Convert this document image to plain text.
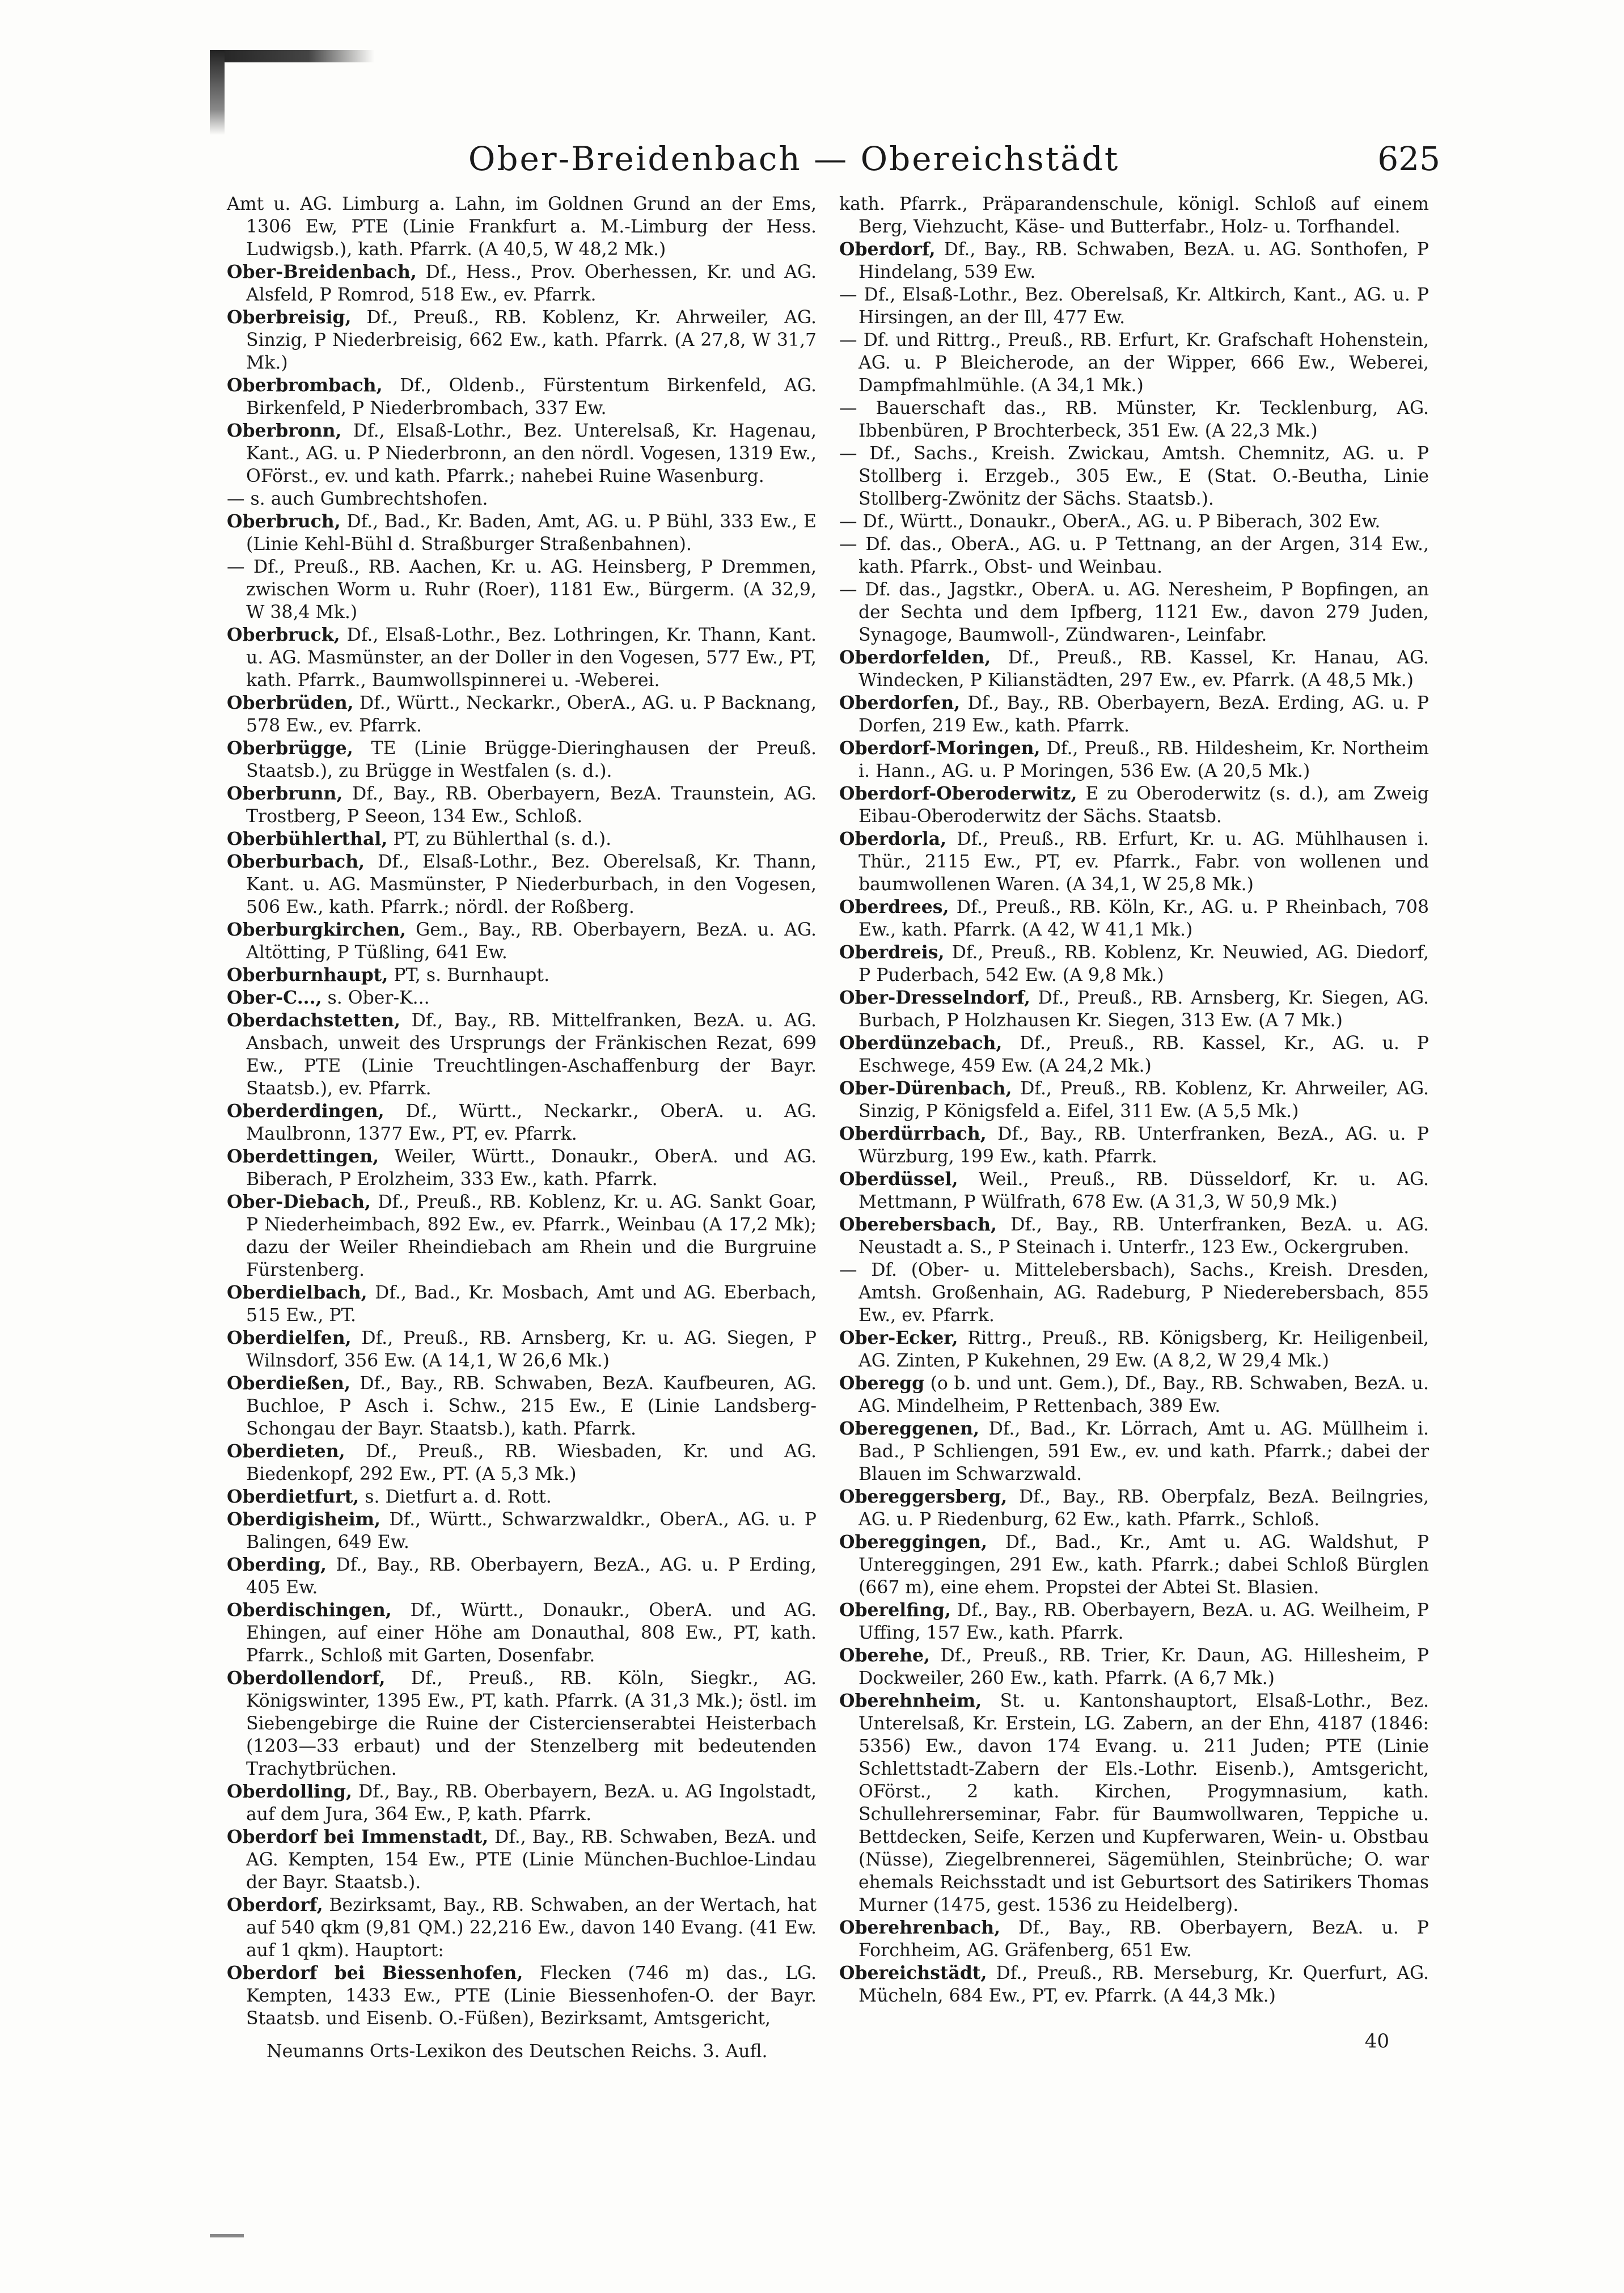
Ober-Breidenbach — Obereichstädt	625

Amt u. AG. Limburg a. Lahn, im Goldnen Grund an der Ems, 1306 Ew, PTE (Linie Frankfurt a. M.-Limburg der Hess. Ludwigsb.), kath. Pfarrk. (A 40,5, W 48,2 Mk.)

Ober-Breidenbach, Df., Hess., Prov. Oberhessen, Kr. und AG. Alsfeld, P Romrod, 518 Ew., ev. Pfarrk.

Oberbreisig, Df., Preuß., RB. Koblenz, Kr. Ahrweiler, AG. Sinzig, P Niederbreisig, 662 Ew., kath. Pfarrk. (A 27,8, W 31,7 Mk.)

Oberbrombach, Df., Oldenb., Fürstentum Birkenfeld, AG. Birkenfeld, P Niederbrombach, 337 Ew.

Oberbronn, Df., Elsaß-Lothr., Bez. Unterelsaß, Kr. Hagenau, Kant., AG. u. P Niederbronn, an den nördl. Vogesen, 1319 Ew., OFörst., ev. und kath. Pfarrk.; nahebei Ruine Wasenburg.

— s. auch Gumbrechtshofen.

Oberbruch, Df., Bad., Kr. Baden, Amt, AG. u. P Bühl, 333 Ew., E (Linie Kehl-Bühl d. Straßburger Straßenbahnen).

— Df., Preuß., RB. Aachen, Kr. u. AG. Heinsberg, P Dremmen, zwischen Worm u. Ruhr (Roer), 1181 Ew., Bürgerm. (A 32,9, W 38,4 Mk.)

Oberbruck, Df., Elsaß-Lothr., Bez. Lothringen, Kr. Thann, Kant. u. AG. Masmünster, an der Doller in den Vogesen, 577 Ew., PT, kath. Pfarrk., Baumwollspinnerei u. -Weberei.

Oberbrüden, Df., Württ., Neckarkr., OberA., AG. u. P Backnang, 578 Ew., ev. Pfarrk.

Oberbrügge, TE (Linie Brügge-Dieringhausen der Preuß. Staatsb.), zu Brügge in Westfalen (s. d.).

Oberbrunn, Df., Bay., RB. Oberbayern, BezA. Traunstein, AG. Trostberg, P Seeon, 134 Ew., Schloß.

Oberbühlerthal, PT, zu Bühlerthal (s. d.).

Oberburbach, Df., Elsaß-Lothr., Bez. Oberelsaß, Kr. Thann, Kant. u. AG. Masmünster, P Niederburbach, in den Vogesen, 506 Ew., kath. Pfarrk.; nördl. der Roßberg.

Oberburgkirchen, Gem., Bay., RB. Oberbayern, BezA. u. AG. Altötting, P Tüßling, 641 Ew.

Oberburnhaupt, PT, s. Burnhaupt.

Ober-C..., s. Ober-K...

Oberdachstetten, Df., Bay., RB. Mittelfranken, BezA. u. AG. Ansbach, unweit des Ursprungs der Fränkischen Rezat, 699 Ew., PTE (Linie Treuchtlingen-Aschaffenburg der Bayr. Staatsb.), ev. Pfarrk.

Oberderdingen, Df., Württ., Neckarkr., OberA. u. AG. Maulbronn, 1377 Ew., PT, ev. Pfarrk.

Oberdettingen, Weiler, Württ., Donaukr., OberA. und AG. Biberach, P Erolzheim, 333 Ew., kath. Pfarrk.

Ober-Diebach, Df., Preuß., RB. Koblenz, Kr. u. AG. Sankt Goar, P Niederheimbach, 892 Ew., ev. Pfarrk., Weinbau (A 17,2 Mk); dazu der Weiler Rheindiebach am Rhein und die Burgruine Fürstenberg.

Oberdielbach, Df., Bad., Kr. Mosbach, Amt und AG. Eberbach, 515 Ew., PT.

Oberdielfen, Df., Preuß., RB. Arnsberg, Kr. u. AG. Siegen, P Wilnsdorf, 356 Ew. (A 14,1, W 26,6 Mk.)

Oberdießen, Df., Bay., RB. Schwaben, BezA. Kaufbeuren, AG. Buchloe, P Asch i. Schw., 215 Ew., E (Linie Landsberg-Schongau der Bayr. Staatsb.), kath. Pfarrk.

Oberdieten, Df., Preuß., RB. Wiesbaden, Kr. und AG. Biedenkopf, 292 Ew., PT. (A 5,3 Mk.)

Oberdietfurt, s. Dietfurt a. d. Rott.

Oberdigisheim, Df., Württ., Schwarzwaldkr., OberA., AG. u. P Balingen, 649 Ew.

Oberding, Df., Bay., RB. Oberbayern, BezA., AG. u. P Erding, 405 Ew.

Oberdischingen, Df., Württ., Donaukr., OberA. und AG. Ehingen, auf einer Höhe am Donauthal, 808 Ew., PT, kath. Pfarrk., Schloß mit Garten, Dosenfabr.

Oberdollendorf, Df., Preuß., RB. Köln, Siegkr., AG. Königswinter, 1395 Ew., PT, kath. Pfarrk. (A 31,3 Mk.); östl. im Siebengebirge die Ruine der Cistercienserabtei Heisterbach (1203—33 erbaut) und der Stenzelberg mit bedeutenden Trachytbrüchen.

Oberdolling, Df., Bay., RB. Oberbayern, BezA. u. AG Ingolstadt, auf dem Jura, 364 Ew., P, kath. Pfarrk.

Oberdorf bei Immenstadt, Df., Bay., RB. Schwaben, BezA. und AG. Kempten, 154 Ew., PTE (Linie München-Buchloe-Lindau der Bayr. Staatsb.).

Oberdorf, Bezirksamt, Bay., RB. Schwaben, an der Wertach, hat auf 540 qkm (9,81 QM.) 22,216 Ew., davon 140 Evang. (41 Ew. auf 1 qkm). Hauptort:

Oberdorf bei Biessenhofen, Flecken (746 m) das., LG. Kempten, 1433 Ew., PTE (Linie Biessenhofen-O. der Bayr. Staatsb. und Eisenb. O.-Füßen), Bezirksamt, Amtsgericht,

kath. Pfarrk., Präparandenschule, königl. Schloß auf einem Berg, Viehzucht, Käse- und Butterfabr., Holz- u. Torfhandel.

Oberdorf, Df., Bay., RB. Schwaben, BezA. u. AG. Sonthofen, P Hindelang, 539 Ew.

— Df., Elsaß-Lothr., Bez. Oberelsaß, Kr. Altkirch, Kant., AG. u. P Hirsingen, an der Ill, 477 Ew.

— Df. und Rittrg., Preuß., RB. Erfurt, Kr. Grafschaft Hohenstein, AG. u. P Bleicherode, an der Wipper, 666 Ew., Weberei, Dampfmahlmühle. (A 34,1 Mk.)

— Bauerschaft das., RB. Münster, Kr. Tecklenburg, AG. Ibbenbüren, P Brochterbeck, 351 Ew. (A 22,3 Mk.)

— Df., Sachs., Kreish. Zwickau, Amtsh. Chemnitz, AG. u. P Stollberg i. Erzgeb., 305 Ew., E (Stat. O.-Beutha, Linie Stollberg-Zwönitz der Sächs. Staatsb.).

— Df., Württ., Donaukr., OberA., AG. u. P Biberach, 302 Ew.

— Df. das., OberA., AG. u. P Tettnang, an der Argen, 314 Ew., kath. Pfarrk., Obst- und Weinbau.

— Df. das., Jagstkr., OberA. u. AG. Neresheim, P Bopfingen, an der Sechta und dem Ipfberg, 1121 Ew., davon 279 Juden, Synagoge, Baumwoll-, Zündwaren-, Leinfabr.

Oberdorfelden, Df., Preuß., RB. Kassel, Kr. Hanau, AG. Windecken, P Kilianstädten, 297 Ew., ev. Pfarrk. (A 48,5 Mk.)

Oberdorfen, Df., Bay., RB. Oberbayern, BezA. Erding, AG. u. P Dorfen, 219 Ew., kath. Pfarrk.

Oberdorf-Moringen, Df., Preuß., RB. Hildesheim, Kr. Northeim i. Hann., AG. u. P Moringen, 536 Ew. (A 20,5 Mk.)

Oberdorf-Oberoderwitz, E zu Oberoderwitz (s. d.), am Zweig Eibau-Oberoderwitz der Sächs. Staatsb.

Oberdorla, Df., Preuß., RB. Erfurt, Kr. u. AG. Mühlhausen i. Thür., 2115 Ew., PT, ev. Pfarrk., Fabr. von wollenen und baumwollenen Waren. (A 34,1, W 25,8 Mk.)

Oberdrees, Df., Preuß., RB. Köln, Kr., AG. u. P Rheinbach, 708 Ew., kath. Pfarrk. (A 42, W 41,1 Mk.)

Oberdreis, Df., Preuß., RB. Koblenz, Kr. Neuwied, AG. Diedorf, P Puderbach, 542 Ew. (A 9,8 Mk.)

Ober-Dresselndorf, Df., Preuß., RB. Arnsberg, Kr. Siegen, AG. Burbach, P Holzhausen Kr. Siegen, 313 Ew. (A 7 Mk.)

Oberdünzebach, Df., Preuß., RB. Kassel, Kr., AG. u. P Eschwege, 459 Ew. (A 24,2 Mk.)

Ober-Dürenbach, Df., Preuß., RB. Koblenz, Kr. Ahrweiler, AG. Sinzig, P Königsfeld a. Eifel, 311 Ew. (A 5,5 Mk.)

Oberdürrbach, Df., Bay., RB. Unterfranken, BezA., AG. u. P Würzburg, 199 Ew., kath. Pfarrk.

Oberdüssel, Weil., Preuß., RB. Düsseldorf, Kr. u. AG. Mettmann, P Wülfrath, 678 Ew. (A 31,3, W 50,9 Mk.)

Oberebersbach, Df., Bay., RB. Unterfranken, BezA. u. AG. Neustadt a. S., P Steinach i. Unterfr., 123 Ew., Ockergruben.

— Df. (Ober- u. Mittelebersbach), Sachs., Kreish. Dresden, Amtsh. Großenhain, AG. Radeburg, P Niederebersbach, 855 Ew., ev. Pfarrk.

Ober-Ecker, Rittrg., Preuß., RB. Königsberg, Kr. Heiligenbeil, AG. Zinten, P Kukehnen, 29 Ew. (A 8,2, W 29,4 Mk.)

Oberegg (o b. und unt. Gem.), Df., Bay., RB. Schwaben, BezA. u. AG. Mindelheim, P Rettenbach, 389 Ew.

Obereggenen, Df., Bad., Kr. Lörrach, Amt u. AG. Müllheim i. Bad., P Schliengen, 591 Ew., ev. und kath. Pfarrk.; dabei der Blauen im Schwarzwald.

Obereggersberg, Df., Bay., RB. Oberpfalz, BezA. Beilngries, AG. u. P Riedenburg, 62 Ew., kath. Pfarrk., Schloß.

Obereggingen, Df., Bad., Kr., Amt u. AG. Waldshut, P Untereggingen, 291 Ew., kath. Pfarrk.; dabei Schloß Bürglen (667 m), eine ehem. Propstei der Abtei St. Blasien.

Oberelfing, Df., Bay., RB. Oberbayern, BezA. u. AG. Weilheim, P Uffing, 157 Ew., kath. Pfarrk.

Oberehe, Df., Preuß., RB. Trier, Kr. Daun, AG. Hillesheim, P Dockweiler, 260 Ew., kath. Pfarrk. (A 6,7 Mk.)

Oberehnheim, St. u. Kantonshauptort, Elsaß-Lothr., Bez. Unterelsaß, Kr. Erstein, LG. Zabern, an der Ehn, 4187 (1846: 5356) Ew., davon 174 Evang. u. 211 Juden; PTE (Linie Schlettstadt-Zabern der Els.-Lothr. Eisenb.), Amtsgericht, OFörst., 2 kath. Kirchen, Progymnasium, kath. Schullehrerseminar, Fabr. für Baumwollwaren, Teppiche u. Bettdecken, Seife, Kerzen und Kupferwaren, Wein- u. Obstbau (Nüsse), Ziegelbrennerei, Sägemühlen, Steinbrüche; O. war ehemals Reichsstadt und ist Geburtsort des Satirikers Thomas Murner (1475, gest. 1536 zu Heidelberg).

Oberehrenbach, Df., Bay., RB. Oberbayern, BezA. u. P Forchheim, AG. Gräfenberg, 651 Ew.

Obereichstädt, Df., Preuß., RB. Merseburg, Kr. Querfurt, AG. Mücheln, 684 Ew., PT, ev. Pfarrk. (A 44,3 Mk.)

Neumanns Orts-Lexikon des Deutschen Reichs. 3. Aufl.	40
